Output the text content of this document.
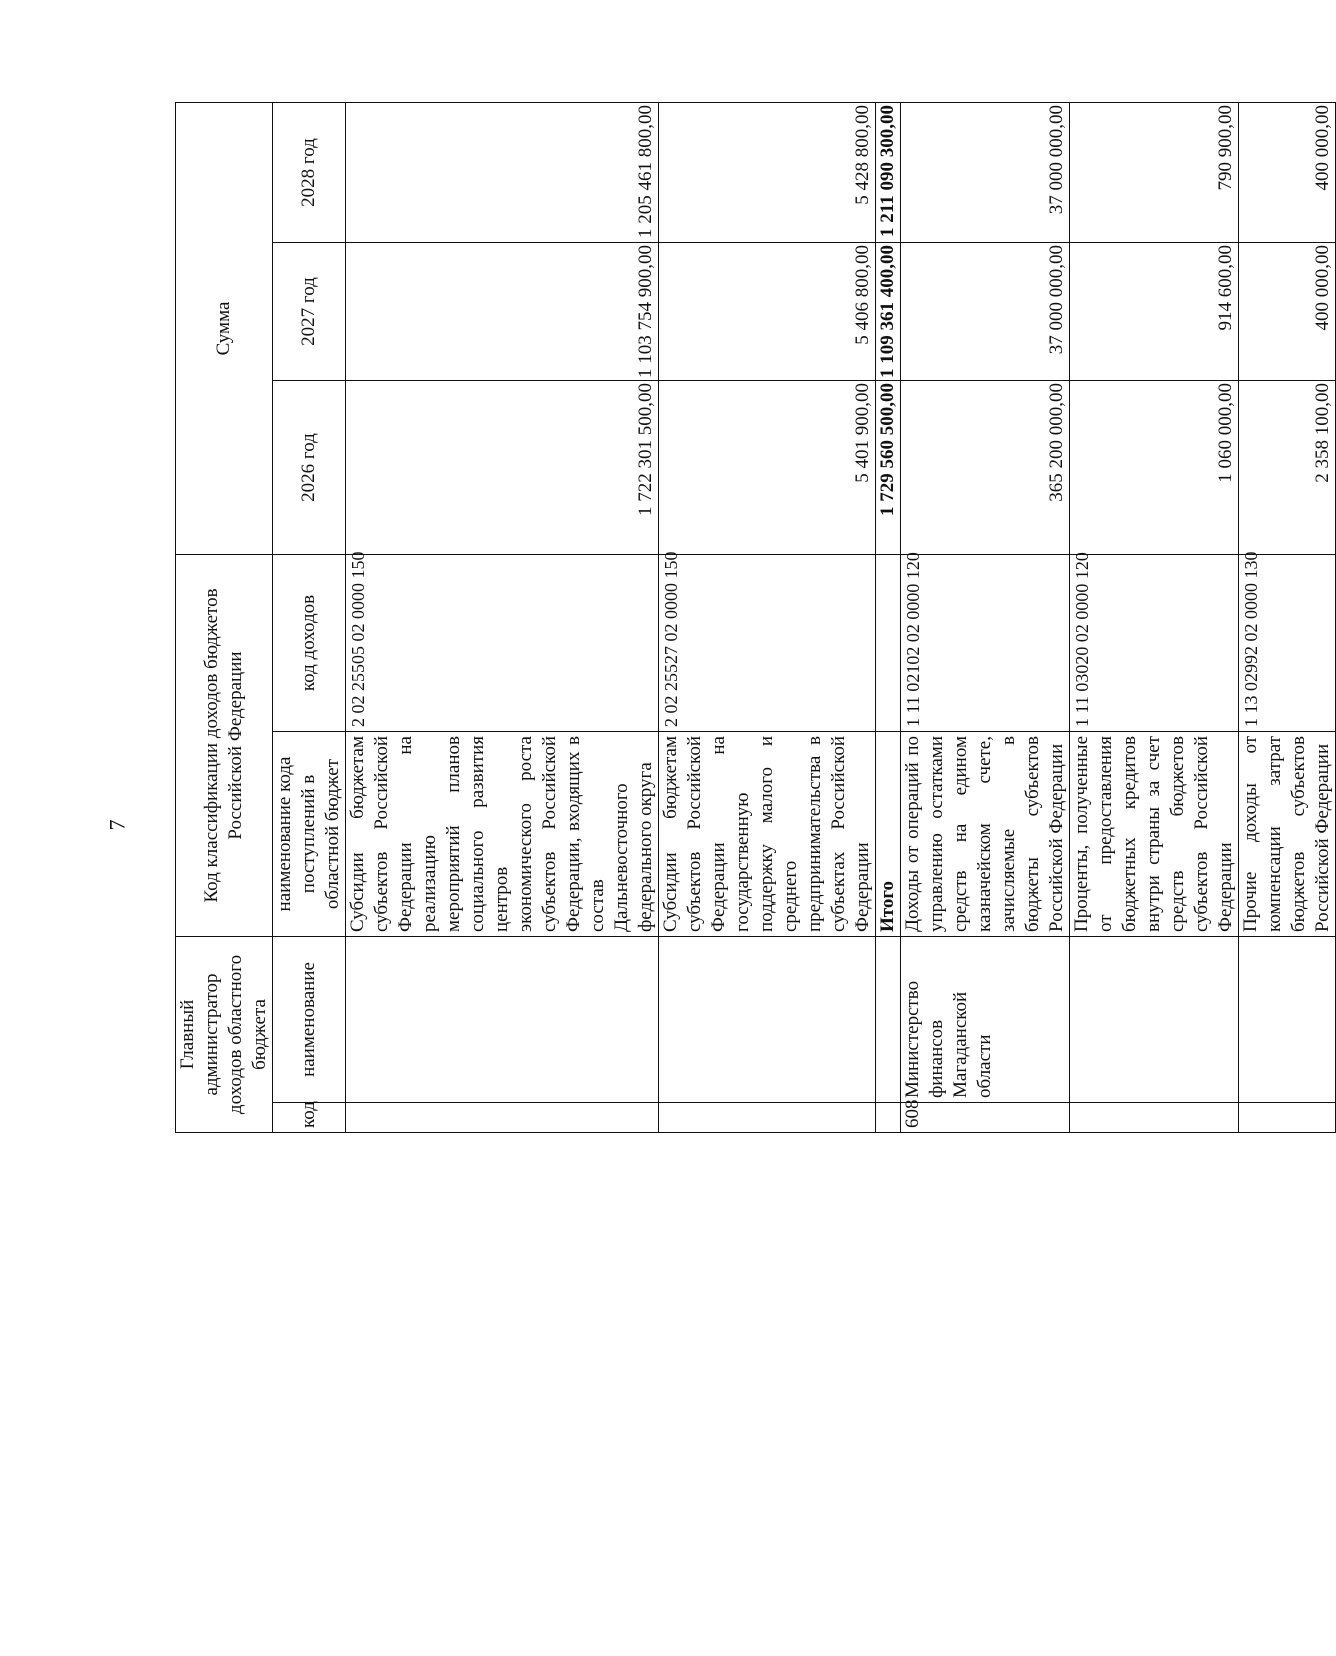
7
Главный администратор доходов областного бюджета		Код классификации доходов бюджетов Российской Федерации		Сумма		
код	наименование	наименование кода поступлений в областной бюджет	код доходов	2026 год	2027 год	2028 год
		Субсидии бюджетам субъектов Российской Федерации на реализацию мероприятий планов социального развития центров экономического роста субъектов Российской Федерации, входящих в состав Дальневосточного федерального округа	2 02 25505 02 0000 150	1 722 301 500,00	1 103 754 900,00	1 205 461 800,00
		Субсидии бюджетам субъектов Российской Федерации на государственную поддержку малого и среднего предпринимательства в субъектах Российской Федерации	2 02 25527 02 0000 150	5 401 900,00	5 406 800,00	5 428 800,00
		Итого		1 729 560 500,00	1 109 361 400,00	1 211 090 300,00
608	Министерство финансов Магаданской области	Доходы от операций по управлению остатками средств на едином казначейском счете, зачисляемые в бюджеты субъектов Российской Федерации	1 11 02102 02 0000 120	365 200 000,00	37 000 000,00	37 000 000,00
		Проценты, полученные от предоставления бюджетных кредитов внутри страны за счет средств бюджетов субъектов Российской Федерации	1 11 03020 02 0000 120	1 060 000,00	914 600,00	790 900,00
		Прочие доходы от компенсации затрат бюджетов субъектов Российской Федерации	1 13 02992 02 0000 130	2 358 100,00	400 000,00	400 000,00
